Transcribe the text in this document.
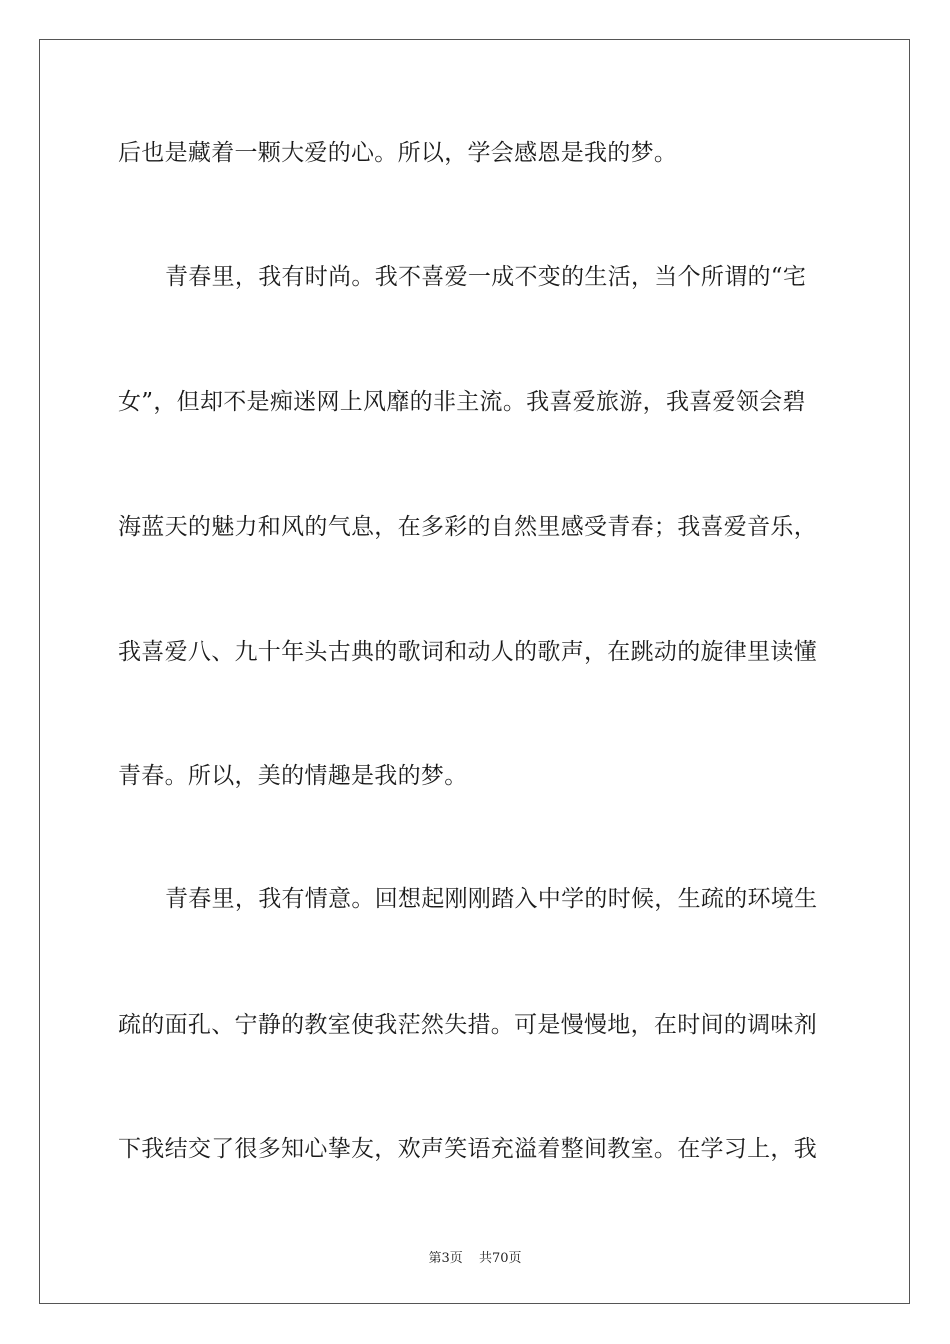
后也是藏着一颗大爱的心。所以，学会感恩是我的梦。
青春里，我有时尚。我不喜爱一成不变的生活，当个所谓的“宅
女”，但却不是痴迷网上风靡的非主流。我喜爱旅游，我喜爱领会碧
海蓝天的魅力和风的气息，在多彩的自然里感受青春；我喜爱音乐，
我喜爱八、九十年头古典的歌词和动人的歌声，在跳动的旋律里读懂
青春。所以，美的情趣是我的梦。
青春里，我有情意。回想起刚刚踏入中学的时候，生疏的环境生
疏的面孔、宁静的教室使我茫然失措。可是慢慢地，在时间的调味剂
下我结交了很多知心挚友，欢声笑语充溢着整间教室。在学习上，我
第3页 共70页
